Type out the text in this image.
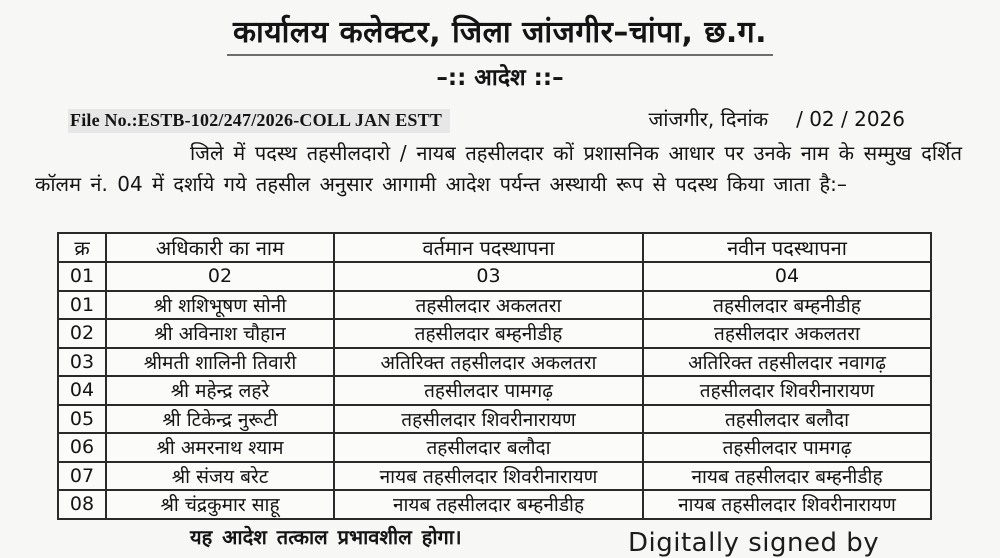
कार्यालय कलेक्टर, जिला जांजगीर–चांपा, छ.ग.
–:: आदेश ::–
File No.:ESTB-102/247/2026-COLL JAN ESTT	जांजगीर, दिनांक / 02 / 2026
जिले में पदस्थ तहसीलदारो / नायब तहसीलदार कों प्रशासनिक आधार पर उनके नाम के सम्मुख दर्शित कॉलम नं. 04 में दर्शाये गये तहसील अनुसार आगामी आदेश पर्यन्त अस्थायी रूप से पदस्थ किया जाता है:–
क्र	अधिकारी का नाम	वर्तमान पदस्थापना	नवीन पदस्थापना
01	02	03	04
01	श्री शशिभूषण सोनी	तहसीलदार अकलतरा	तहसीलदार बम्हनीडीह
02	श्री अविनाश चौहान	तहसीलदार बम्हनीडीह	तहसीलदार अकलतरा
03	श्रीमती शालिनी तिवारी	अतिरिक्त तहसीलदार अकलतरा	अतिरिक्त तहसीलदार नवागढ़
04	श्री महेन्द्र लहरे	तहसीलदार पामगढ़	तहसीलदार शिवरीनारायण
05	श्री टिकेन्द्र नुरूटी	तहसीलदार शिवरीनारायण	तहसीलदार बलौदा
06	श्री अमरनाथ श्याम	तहसीलदार बलौदा	तहसीलदार पामगढ़
07	श्री संजय बरेट	नायब तहसीलदार शिवरीनारायण	नायब तहसीलदार बम्हनीडीह
08	श्री चंद्रकुमार साहू	नायब तहसीलदार बम्हनीडीह	नायब तहसीलदार शिवरीनारायण
यह आदेश तत्काल प्रभावशील होगा।	Digitally signed by
